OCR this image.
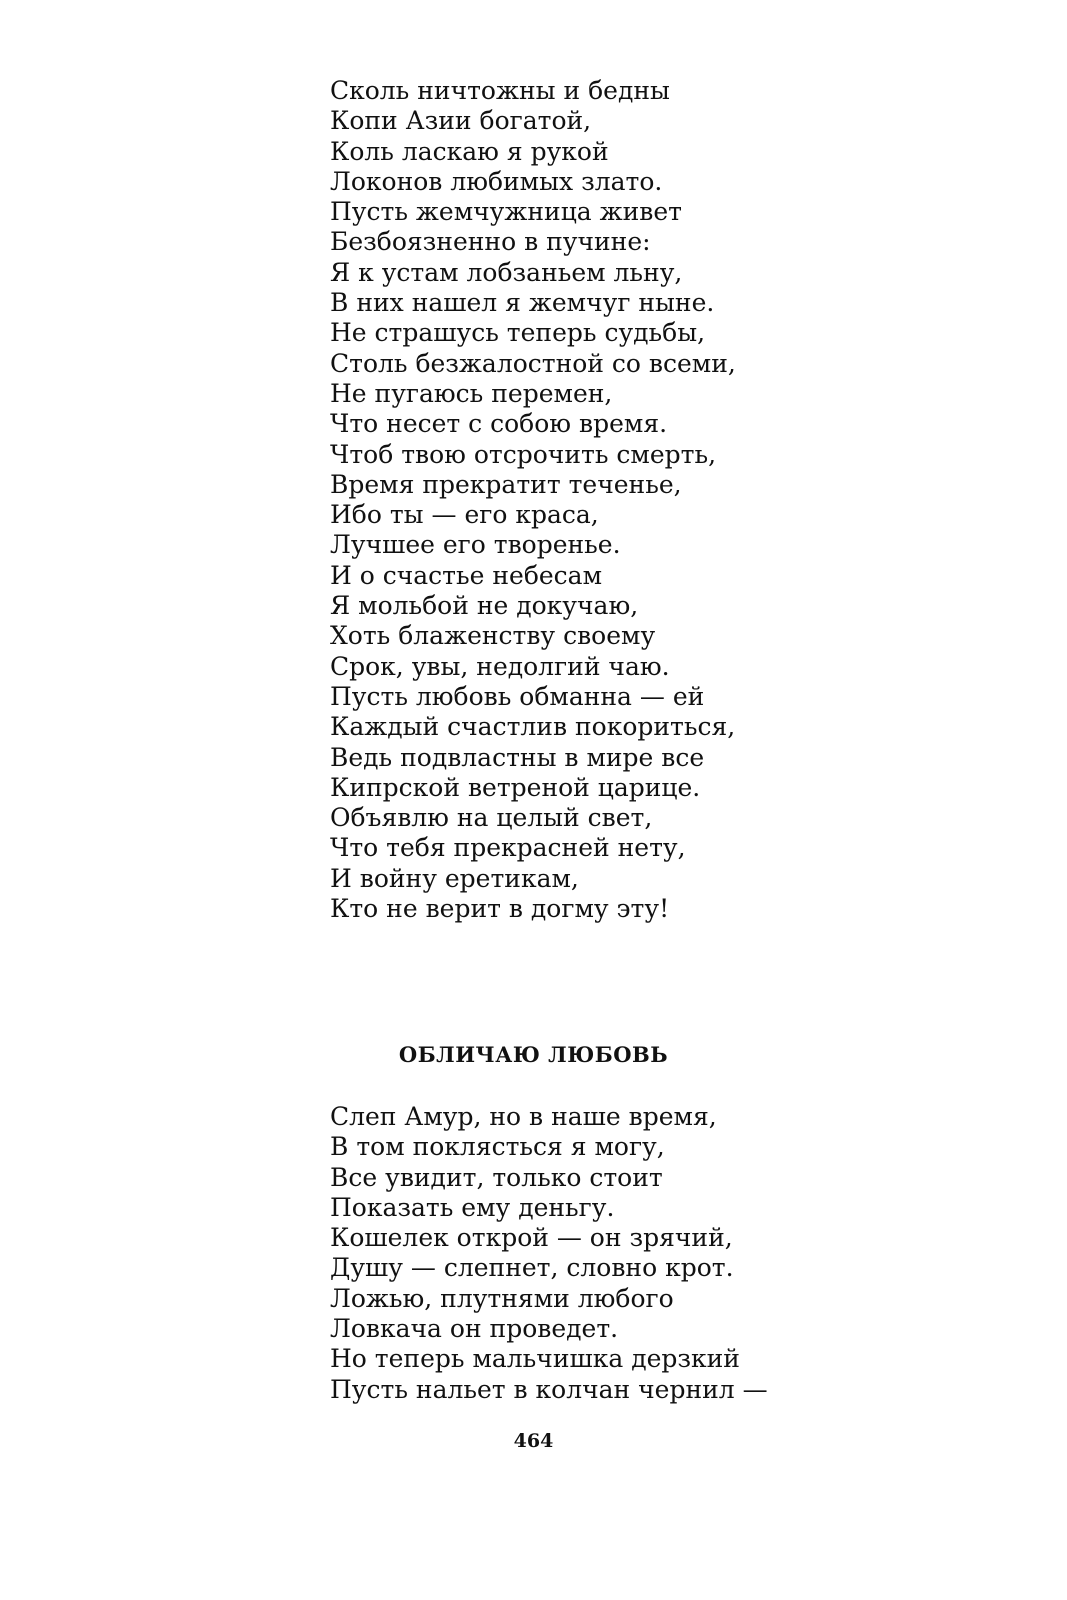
Сколь ничтожны и бедны
Копи Азии богатой,
Коль ласкаю я рукой
Локонов любимых злато.
Пусть жемчужница живет
Безбоязненно в пучине:
Я к устам лобзаньем льну,
В них нашел я жемчуг ныне.
Не страшусь теперь судьбы,
Столь безжалостной со всеми,
Не пугаюсь перемен,
Что несет с собою время.
Чтоб твою отсрочить смерть,
Время прекратит теченье,
Ибо ты — его краса,
Лучшее его творенье.
И о счастье небесам
Я мольбой не докучаю,
Хоть блаженству своему
Срок, увы, недолгий чаю.
Пусть любовь обманна — ей
Каждый счастлив покориться,
Ведь подвластны в мире все
Кипрской ветреной царице.
Объявлю на целый свет,
Что тебя прекрасней нету,
И войну еретикам,
Кто не верит в догму эту!
ОБЛИЧАЮ ЛЮБОВЬ
Слеп Амур, но в наше время,
В том поклясться я могу,
Все увидит, только стоит
Показать ему деньгу.
Кошелек открой — он зрячий,
Душу — слепнет, словно крот.
Ложью, плутнями любого
Ловкача он проведет.
Но теперь мальчишка дерзкий
Пусть нальет в колчан чернил —
464
